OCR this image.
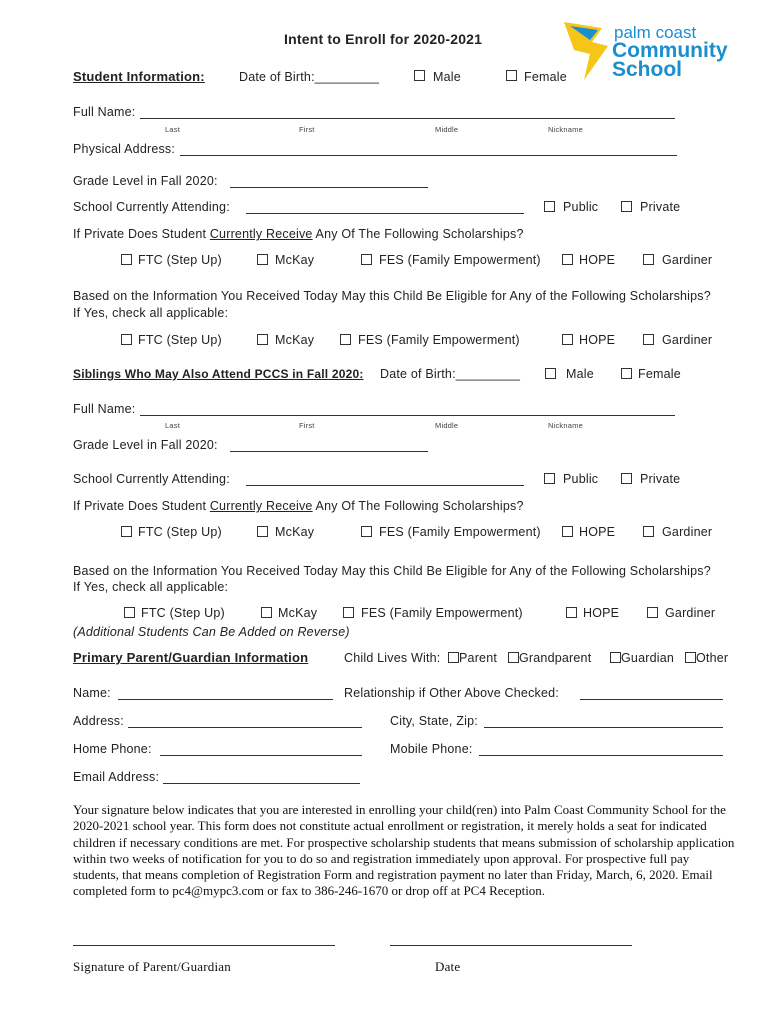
Intent to Enroll for 2020-2021	palm coast
Community
School
Student Information:	Date of Birth:_________	Male	Female
Full Name:
Last	First	Middle	Nickname
Physical Address:
Grade Level in Fall 2020:
School Currently Attending:	Public	Private
If Private Does Student Currently Receive Any Of The Following Scholarships?
FTC (Step Up)	McKay	FES (Family Empowerment)	HOPE	Gardiner
Based on the Information You Received Today May this Child Be Eligible for Any of the Following Scholarships?
If Yes, check all applicable:
FTC (Step Up)	McKay	FES (Family Empowerment)	HOPE	Gardiner
Siblings Who May Also Attend PCCS in Fall 2020: Date of Birth:_________	Male	Female
Full Name:
Last	First	Middle	Nickname
Grade Level in Fall 2020:
School Currently Attending:	Public	Private
If Private Does Student Currently Receive Any Of The Following Scholarships?
FTC (Step Up)	McKay	FES (Family Empowerment)	HOPE	Gardiner
Based on the Information You Received Today May this Child Be Eligible for Any of the Following Scholarships?
If Yes, check all applicable:
FTC (Step Up)	McKay	FES (Family Empowerment)	HOPE	Gardiner
(Additional Students Can Be Added on Reverse)
Primary Parent/Guardian Information	Child Lives With: Parent Grandparent Guardian Other
Name:	Relationship if Other Above Checked:
Address:	City, State, Zip:
Home Phone:	Mobile Phone:
Email Address:
Your signature below indicates that you are interested in enrolling your child(ren) into Palm Coast Community School for the 2020-2021 school year. This form does not constitute actual enrollment or registration, it merely holds a seat for indicated children if necessary conditions are met. For prospective scholarship students that means submission of scholarship application within two weeks of notification for you to do so and registration immediately upon approval. For prospective full pay students, that means completion of Registration Form and registration payment no later than Friday, March, 6, 2020. Email completed form to pc4@mypc3.com or fax to 386-246-1670 or drop off at PC4 Reception.
Signature of Parent/Guardian	Date
